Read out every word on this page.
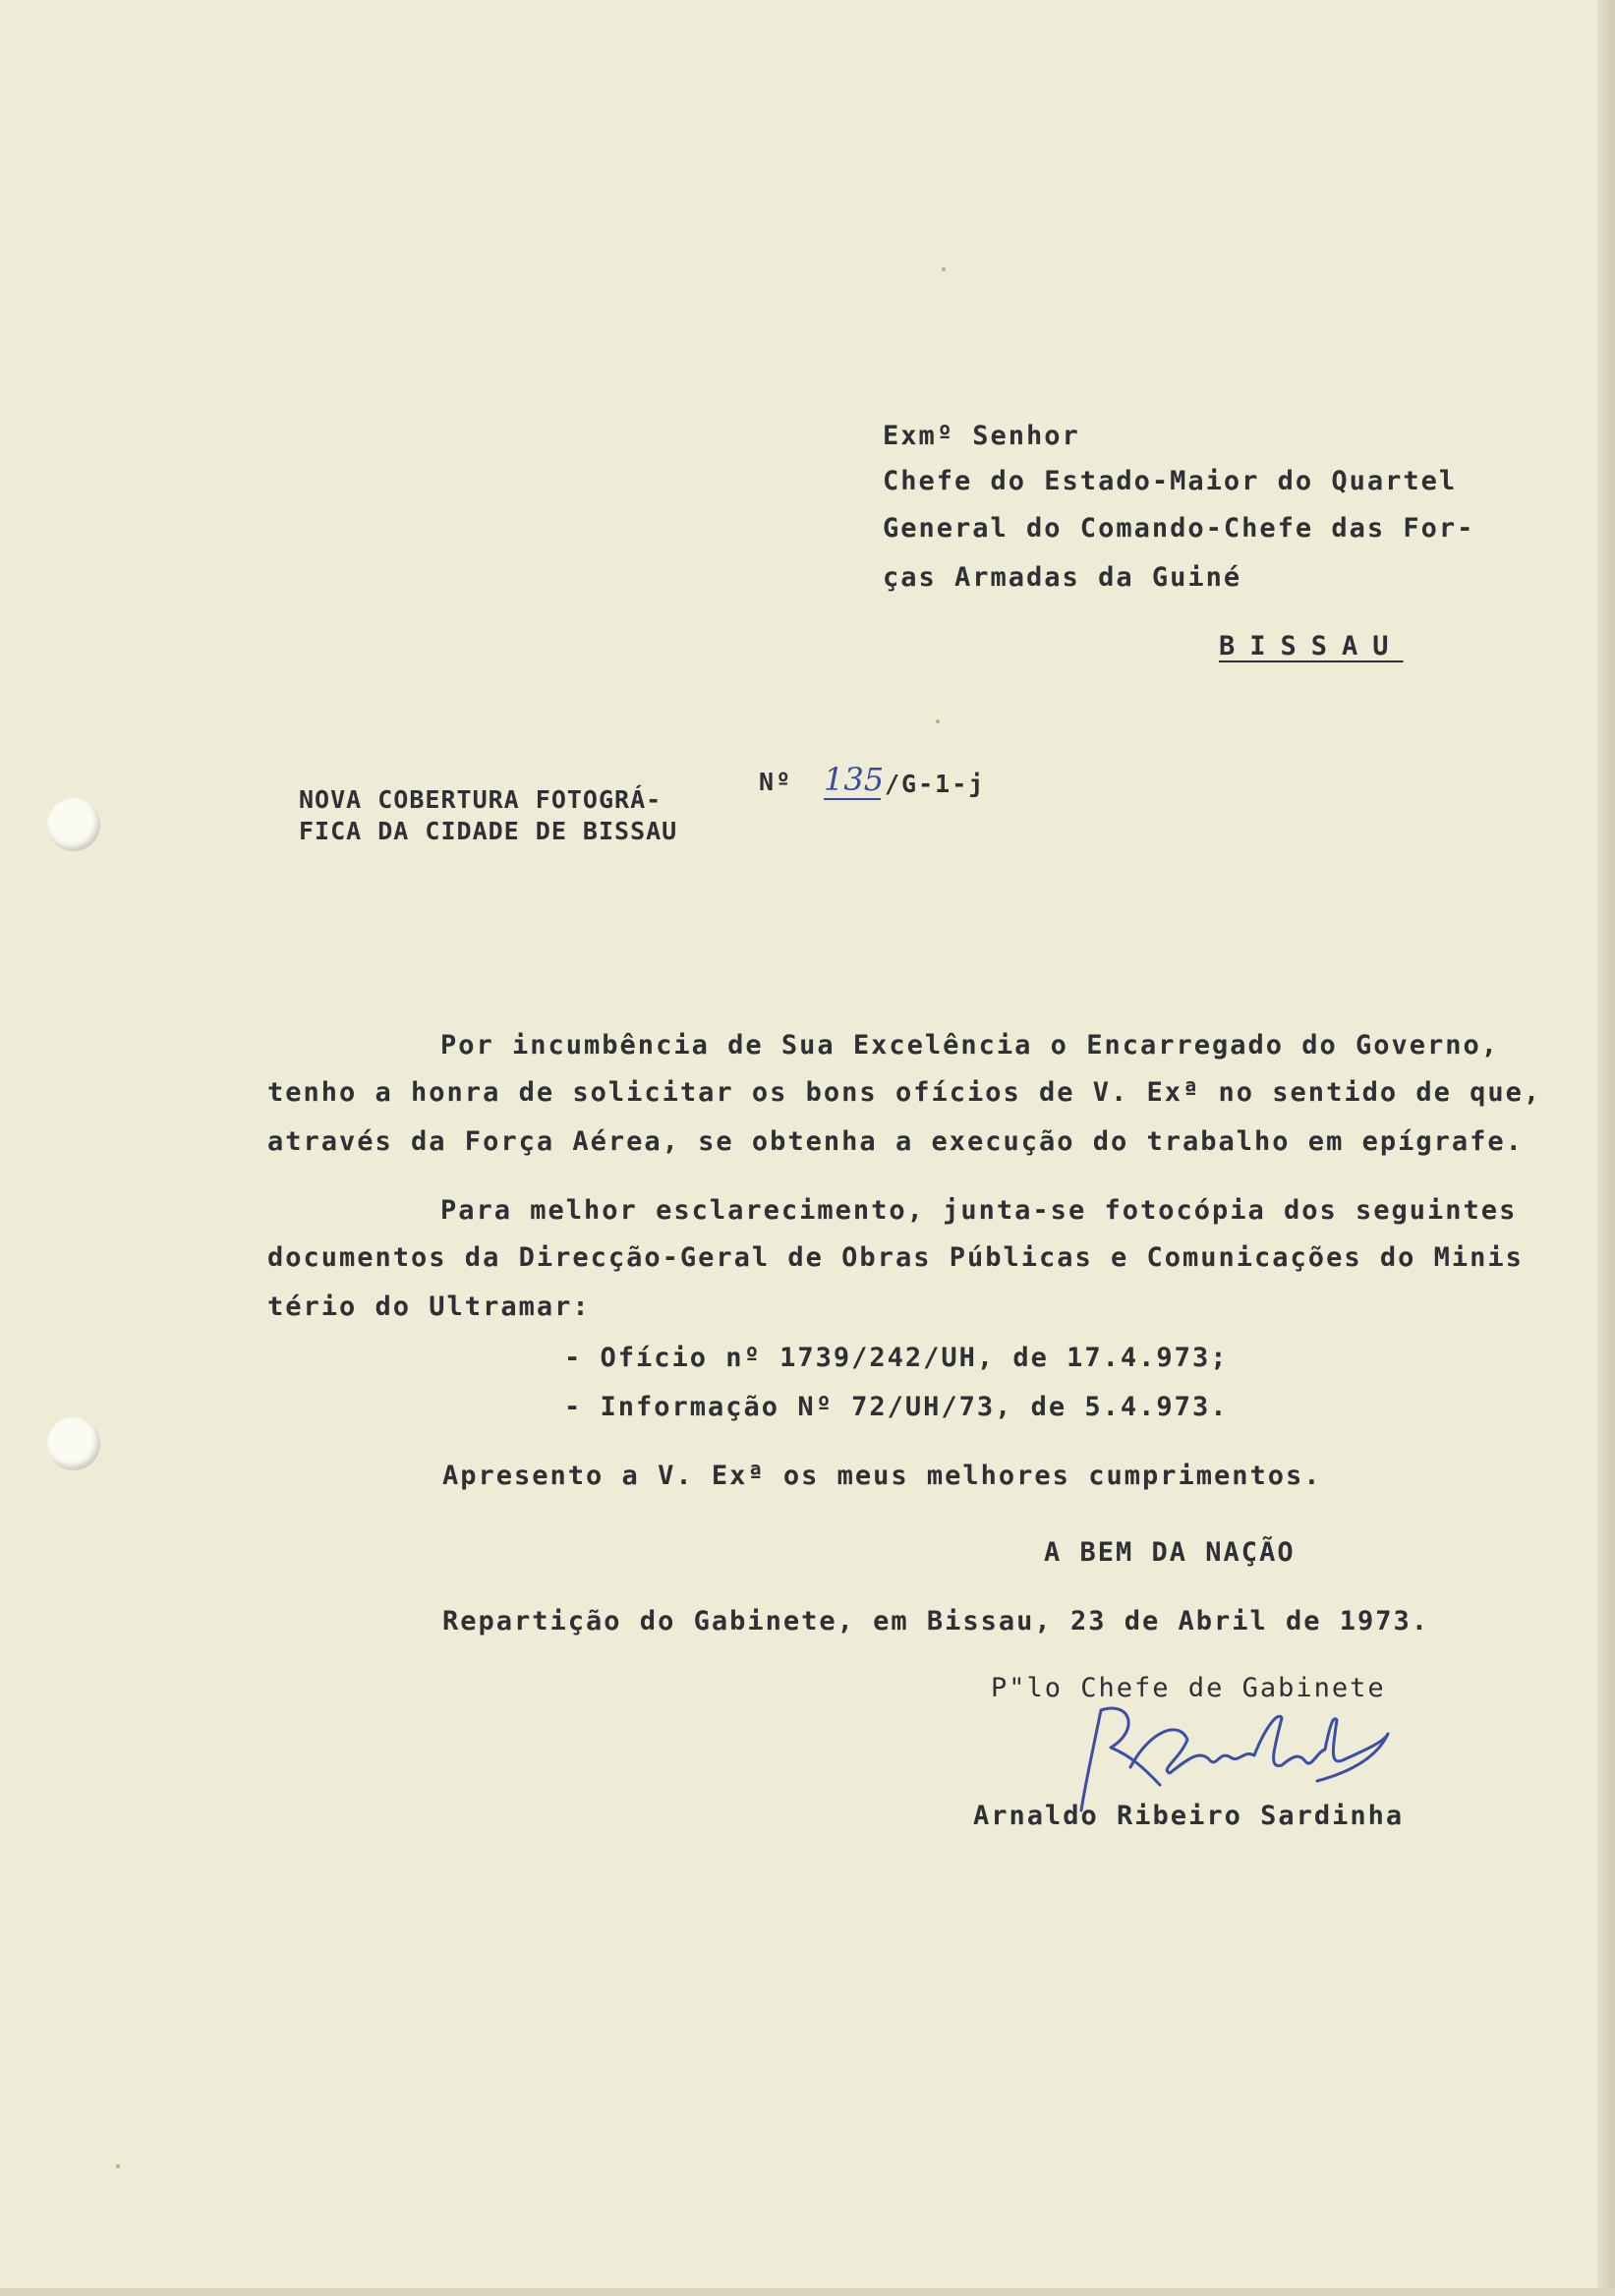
Exmº Senhor
Chefe do Estado-Maior do Quartel
General do Comando-Chefe das For-
ças Armadas da Guiné
BISSAU
NOVA COBERTURA FOTOGRÁ-
FICA DA CIDADE DE BISSAU
Nº 135 /G-1-j
Por incumbência de Sua Excelência o Encarregado do Governo,
tenho a honra de solicitar os bons ofícios de V. Exª no sentido de que,
através da Força Aérea, se obtenha a execução do trabalho em epígrafe.
Para melhor esclarecimento, junta-se fotocópia dos seguintes
documentos da Direcção-Geral de Obras Públicas e Comunicações do Minis
tério do Ultramar:
- Ofício nº 1739/242/UH, de 17.4.973;
- Informação Nº 72/UH/73, de 5.4.973.
Apresento a V. Exª os meus melhores cumprimentos.
A BEM DA NAÇÃO
Repartição do Gabinete, em Bissau, 23 de Abril de 1973.
P"lo Chefe de Gabinete
Arnaldo Ribeiro Sardinha
